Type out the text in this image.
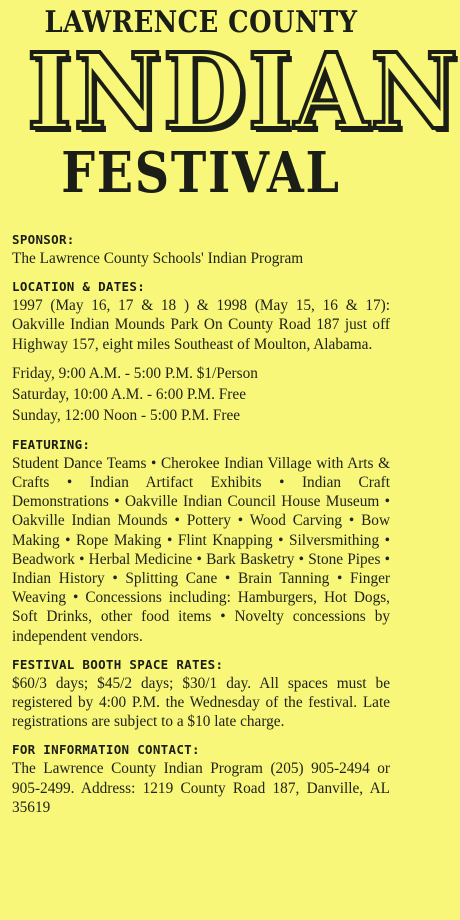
LAWRENCE COUNTY
INDIAN
FESTIVAL
SPONSOR:
The Lawrence County Schools' Indian Program
LOCATION & DATES:
1997 (May 16, 17 & 18 ) & 1998 (May 15, 16 & 17): Oakville Indian Mounds Park On County Road 187 just off Highway 157, eight miles Southeast of Moulton, Alabama.
Friday, 9:00 A.M. - 5:00 P.M. $1/Person
Saturday, 10:00 A.M. - 6:00 P.M. Free
Sunday, 12:00 Noon - 5:00 P.M. Free
FEATURING:
Student Dance Teams • Cherokee Indian Village with Arts & Crafts • Indian Artifact Exhibits • Indian Craft Demonstrations • Oakville Indian Council House Museum • Oakville Indian Mounds • Pottery • Wood Carving • Bow Making • Rope Making • Flint Knapping • Silversmithing • Beadwork • Herbal Medicine • Bark Basketry • Stone Pipes • Indian History • Splitting Cane • Brain Tanning • Finger Weaving • Concessions including: Hamburgers, Hot Dogs, Soft Drinks, other food items • Novelty concessions by independent vendors.
FESTIVAL BOOTH SPACE RATES:
$60/3 days; $45/2 days; $30/1 day. All spaces must be registered by 4:00 P.M. the Wednesday of the festival. Late registrations are subject to a $10 late charge.
FOR INFORMATION CONTACT:
The Lawrence County Indian Program (205) 905-2494 or 905-2499. Address: 1219 County Road 187, Danville, AL 35619
